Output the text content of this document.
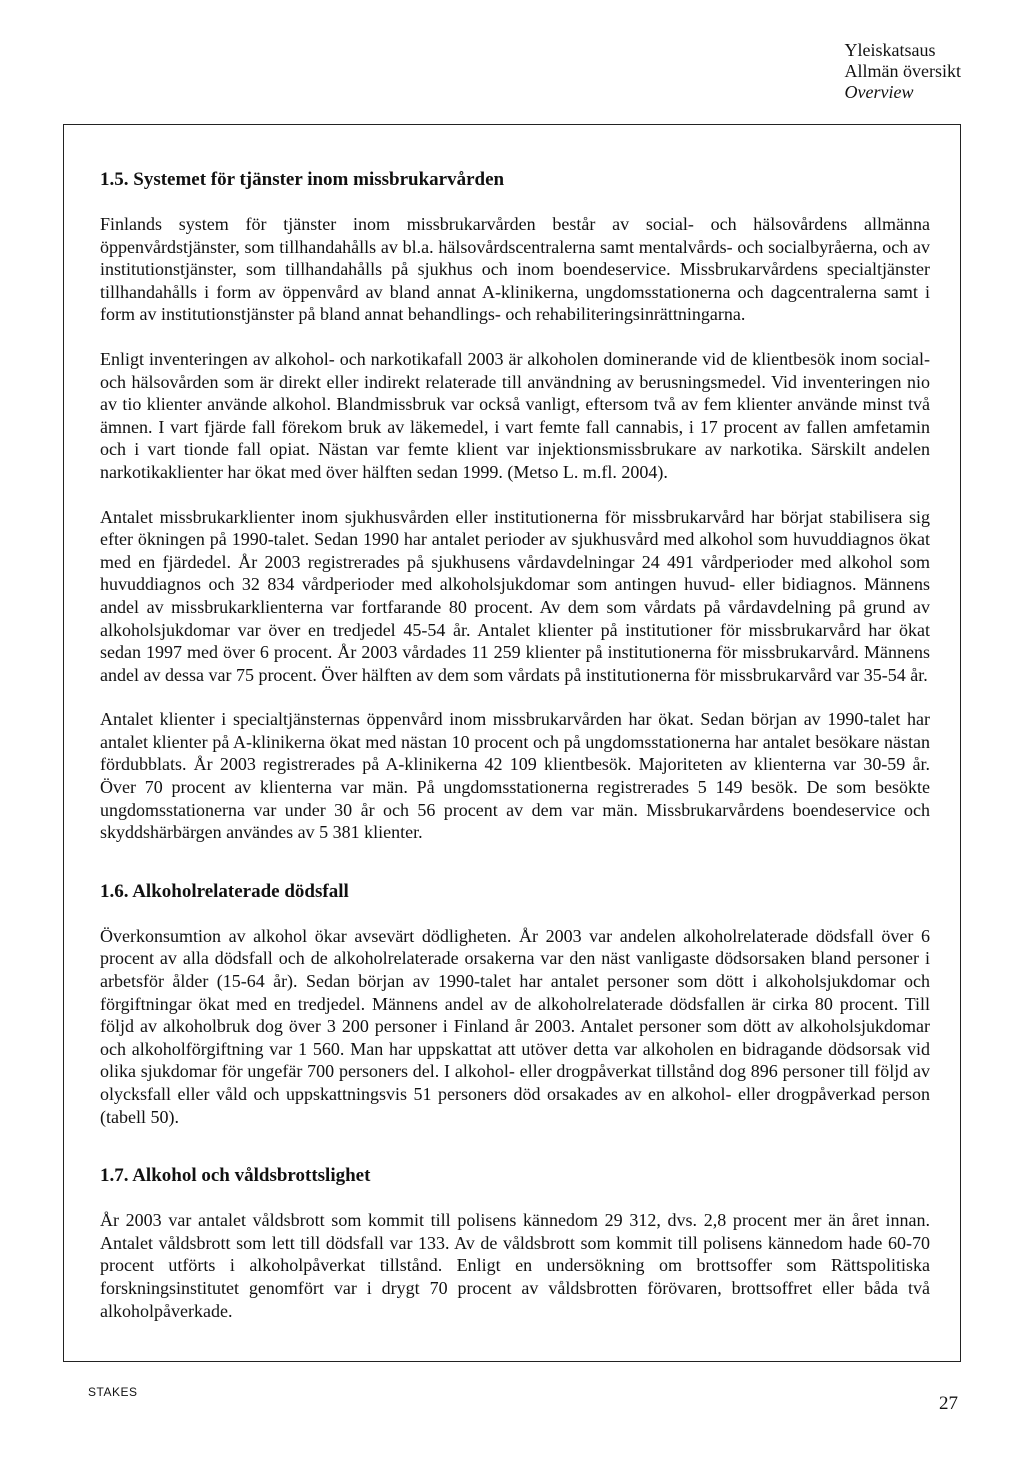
Yleiskatsaus
Allmän översikt
Overview
1.5. Systemet för tjänster inom missbrukarvården

Finlands system för tjänster inom missbrukarvården består av social- och hälsovårdens allmänna öppenvårdstjänster, som tillhandahålls av bl.a. hälsovårdscentralerna samt mentalvårds- och socialbyråerna, och av institutionstjänster, som tillhandahålls på sjukhus och inom boendeservice. Missbrukarvårdens specialtjänster tillhandahålls i form av öppenvård av bland annat A-klinikerna, ungdomsstationerna och dagcentralerna samt i form av institutionstjänster på bland annat behandlings- och rehabiliteringsinrättningarna.

Enligt inventeringen av alkohol- och narkotikafall 2003 är alkoholen dominerande vid de klientbesök inom social- och hälsovården som är direkt eller indirekt relaterade till användning av berusningsmedel. Vid inventeringen nio av tio klienter använde alkohol. Blandmissbruk var också vanligt, eftersom två av fem klienter använde minst två ämnen. I vart fjärde fall förekom bruk av läkemedel, i vart femte fall cannabis, i 17 procent av fallen amfetamin och i vart tionde fall opiat. Nästan var femte klient var injektionsmissbrukare av narkotika. Särskilt andelen narkotikaklienter har ökat med över hälften sedan 1999. (Metso L. m.fl. 2004).

Antalet missbrukarklienter inom sjukhusvården eller institutionerna för missbrukarvård har börjat stabilisera sig efter ökningen på 1990-talet. Sedan 1990 har antalet perioder av sjukhusvård med alkohol som huvuddiagnos ökat med en fjärdedel. År 2003 registrerades på sjukhusens vårdavdelningar 24 491 vårdperioder med alkohol som huvuddiagnos och 32 834 vårdperioder med alkoholsjukdomar som antingen huvud- eller bidiagnos. Männens andel av missbrukarklienterna var fortfarande 80 procent. Av dem som vårdats på vårdavdelning på grund av alkoholsjukdomar var över en tredjedel 45-54 år. Antalet klienter på institutioner för missbrukarvård har ökat sedan 1997 med över 6 procent. År 2003 vårdades 11 259 klienter på institutionerna för missbrukarvård. Männens andel av dessa var 75 procent. Över hälften av dem som vårdats på institutionerna för missbrukarvård var 35-54 år.

Antalet klienter i specialtjänsternas öppenvård inom missbrukarvården har ökat. Sedan början av 1990-talet har antalet klienter på A-klinikerna ökat med nästan 10 procent och på ungdomsstationerna har antalet besökare nästan fördubblats. År 2003 registrerades på A-klinikerna 42 109 klientbesök. Majoriteten av klienterna var 30-59 år. Över 70 procent av klienterna var män. På ungdomsstationerna registrerades 5 149 besök. De som besökte ungdomsstationerna var under 30 år och 56 procent av dem var män. Missbrukarvårdens boendeservice och skyddshärbärgen användes av 5 381 klienter.

1.6. Alkoholrelaterade dödsfall

Överkonsumtion av alkohol ökar avsevärt dödligheten. År 2003 var andelen alkoholrelaterade dödsfall över 6 procent av alla dödsfall och de alkoholrelaterade orsakerna var den näst vanligaste dödsorsaken bland personer i arbetsför ålder (15-64 år). Sedan början av 1990-talet har antalet personer som dött i alkoholsjukdomar och förgiftningar ökat med en tredjedel. Männens andel av de alkoholrelaterade dödsfallen är cirka 80 procent. Till följd av alkoholbruk dog över 3 200 personer i Finland år 2003. Antalet personer som dött av alkoholsjukdomar och alkoholförgiftning var 1 560. Man har uppskattat att utöver detta var alkoholen en bidragande dödsorsak vid olika sjukdomar för ungefär 700 personers del. I alkohol- eller drogpåverkat tillstånd dog 896 personer till följd av olycksfall eller våld och uppskattningsvis 51 personers död orsakades av en alkohol- eller drogpåverkad person (tabell 50).

1.7. Alkohol och våldsbrottslighet

År 2003 var antalet våldsbrott som kommit till polisens kännedom 29 312, dvs. 2,8 procent mer än året innan. Antalet våldsbrott som lett till dödsfall var 133. Av de våldsbrott som kommit till polisens kännedom hade 60-70 procent utförts i alkoholpåverkat tillstånd. Enligt en undersökning om brottsoffer som Rättspolitiska forskningsinstitutet genomfört var i drygt 70 procent av våldsbrotten förövaren, brottsoffret eller båda två alkoholpåverkade.

STAKES
27
